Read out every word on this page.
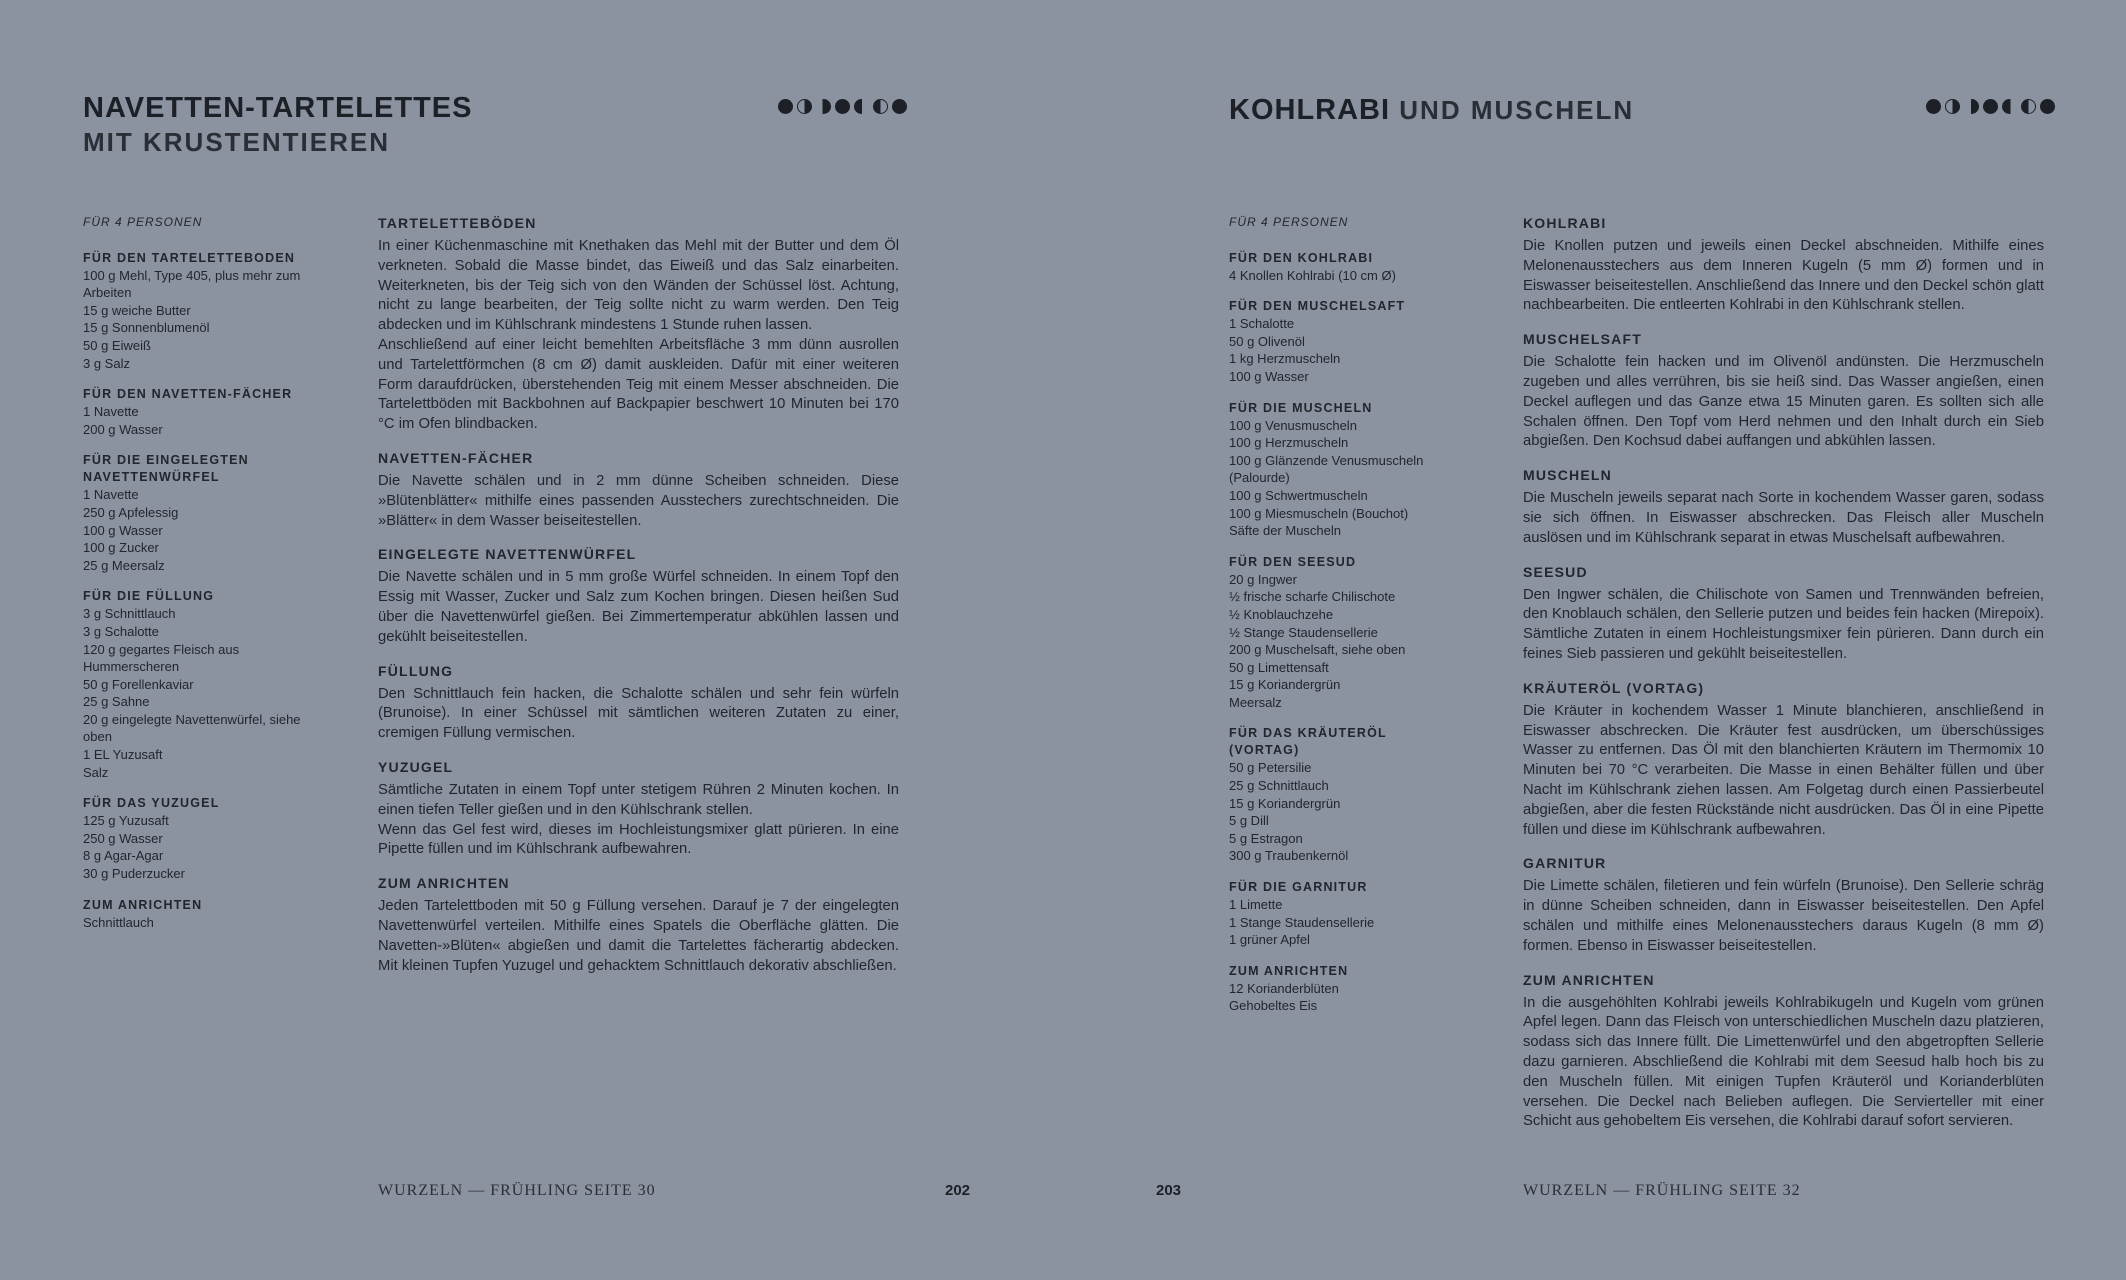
NAVETTEN-TARTELETTES
MIT KRUSTENTIEREN
FÜR 4 PERSONEN
FÜR DEN TARTELETTEBODEN
100 g Mehl, Type 405, plus mehr zum Arbeiten
15 g weiche Butter
15 g Sonnenblumenöl
50 g Eiweiß
3 g Salz
FÜR DEN NAVETTEN-FÄCHER
1 Navette
200 g Wasser
FÜR DIE EINGELEGTEN NAVETTENWÜRFEL
1 Navette
250 g Apfelessig
100 g Wasser
100 g Zucker
25 g Meersalz
FÜR DIE FÜLLUNG
3 g Schnittlauch
3 g Schalotte
120 g gegartes Fleisch aus Hummerscheren
50 g Forellenkaviar
25 g Sahne
20 g eingelegte Navettenwürfel, siehe oben
1 EL Yuzusaft
Salz
FÜR DAS YUZUGEL
125 g Yuzusaft
250 g Wasser
8 g Agar-Agar
30 g Puderzucker
ZUM ANRICHTEN
Schnittlauch
TARTELETTEBÖDEN
In einer Küchenmaschine mit Knethaken das Mehl mit der Butter und dem Öl verkneten. Sobald die Masse bindet, das Eiweiß und das Salz einarbeiten. Weiterkneten, bis der Teig sich von den Wänden der Schüssel löst. Achtung, nicht zu lange bearbeiten, der Teig sollte nicht zu warm werden. Den Teig abdecken und im Kühlschrank mindestens 1 Stunde ruhen lassen.
Anschließend auf einer leicht bemehlten Arbeitsfläche 3 mm dünn ausrollen und Tartelettförmchen (8 cm Ø) damit auskleiden. Dafür mit einer weiteren Form daraufdrücken, überstehenden Teig mit einem Messer abschneiden. Die Tartelettböden mit Backbohnen auf Backpapier beschwert 10 Minuten bei 170 °C im Ofen blindbacken.
NAVETTEN-FÄCHER
Die Navette schälen und in 2 mm dünne Scheiben schneiden. Diese »Blütenblätter« mithilfe eines passenden Ausstechers zurechtschneiden. Die »Blätter« in dem Wasser beiseitestellen.
EINGELEGTE NAVETTENWÜRFEL
Die Navette schälen und in 5 mm große Würfel schneiden. In einem Topf den Essig mit Wasser, Zucker und Salz zum Kochen bringen. Diesen heißen Sud über die Navettenwürfel gießen. Bei Zimmertemperatur abkühlen lassen und gekühlt beiseitestellen.
FÜLLUNG
Den Schnittlauch fein hacken, die Schalotte schälen und sehr fein würfeln (Brunoise). In einer Schüssel mit sämtlichen weiteren Zutaten zu einer, cremigen Füllung vermischen.
YUZUGEL
Sämtliche Zutaten in einem Topf unter stetigem Rühren 2 Minuten kochen. In einen tiefen Teller gießen und in den Kühlschrank stellen.
Wenn das Gel fest wird, dieses im Hochleistungsmixer glatt pürieren. In eine Pipette füllen und im Kühlschrank aufbewahren.
ZUM ANRICHTEN
Jeden Tartelettboden mit 50 g Füllung versehen. Darauf je 7 der eingelegten Navettenwürfel verteilen. Mithilfe eines Spatels die Oberfläche glätten. Die Navetten-»Blüten« abgießen und damit die Tartelettes fächerartig abdecken. Mit kleinen Tupfen Yuzugel und gehacktem Schnittlauch dekorativ abschließen.
WURZELN — FRÜHLING SEITE 30	202
KOHLRABI UND MUSCHELN
FÜR 4 PERSONEN
FÜR DEN KOHLRABI
4 Knollen Kohlrabi (10 cm Ø)
FÜR DEN MUSCHELSAFT
1 Schalotte
50 g Olivenöl
1 kg Herzmuscheln
100 g Wasser
FÜR DIE MUSCHELN
100 g Venusmuscheln
100 g Herzmuscheln
100 g Glänzende Venusmuscheln (Palourde)
100 g Schwertmuscheln
100 g Miesmuscheln (Bouchot)
Säfte der Muscheln
FÜR DEN SEESUD
20 g Ingwer
½ frische scharfe Chilischote
½ Knoblauchzehe
½ Stange Staudensellerie
200 g Muschelsaft, siehe oben
50 g Limettensaft
15 g Koriandergrün
Meersalz
FÜR DAS KRÄUTERÖL (VORTAG)
50 g Petersilie
25 g Schnittlauch
15 g Koriandergrün
5 g Dill
5 g Estragon
300 g Traubenkernöl
FÜR DIE GARNITUR
1 Limette
1 Stange Staudensellerie
1 grüner Apfel
ZUM ANRICHTEN
12 Korianderblüten
Gehobeltes Eis
KOHLRABI
Die Knollen putzen und jeweils einen Deckel abschneiden. Mithilfe eines Melonenausstechers aus dem Inneren Kugeln (5 mm Ø) formen und in Eiswasser beiseitestellen. Anschließend das Innere und den Deckel schön glatt nachbearbeiten. Die entleerten Kohlrabi in den Kühlschrank stellen.
MUSCHELSAFT
Die Schalotte fein hacken und im Olivenöl andünsten. Die Herzmuscheln zugeben und alles verrühren, bis sie heiß sind. Das Wasser angießen, einen Deckel auflegen und das Ganze etwa 15 Minuten garen. Es sollten sich alle Schalen öffnen. Den Topf vom Herd nehmen und den Inhalt durch ein Sieb abgießen. Den Kochsud dabei auffangen und abkühlen lassen.
MUSCHELN
Die Muscheln jeweils separat nach Sorte in kochendem Wasser garen, sodass sie sich öffnen. In Eiswasser abschrecken. Das Fleisch aller Muscheln auslösen und im Kühlschrank separat in etwas Muschelsaft aufbewahren.
SEESUD
Den Ingwer schälen, die Chilischote von Samen und Trennwänden befreien, den Knoblauch schälen, den Sellerie putzen und beides fein hacken (Mirepoix). Sämtliche Zutaten in einem Hochleistungsmixer fein pürieren. Dann durch ein feines Sieb passieren und gekühlt beiseitestellen.
KRÄUTERÖL (VORTAG)
Die Kräuter in kochendem Wasser 1 Minute blanchieren, anschließend in Eiswasser abschrecken. Die Kräuter fest ausdrücken, um überschüssiges Wasser zu entfernen. Das Öl mit den blanchierten Kräutern im Thermomix 10 Minuten bei 70 °C verarbeiten. Die Masse in einen Behälter füllen und über Nacht im Kühlschrank ziehen lassen. Am Folgetag durch einen Passierbeutel abgießen, aber die festen Rückstände nicht ausdrücken. Das Öl in eine Pipette füllen und diese im Kühlschrank aufbewahren.
GARNITUR
Die Limette schälen, filetieren und fein würfeln (Brunoise). Den Sellerie schräg in dünne Scheiben schneiden, dann in Eiswasser beiseitestellen. Den Apfel schälen und mithilfe eines Melonenausstechers daraus Kugeln (8 mm Ø) formen. Ebenso in Eiswasser beiseitestellen.
ZUM ANRICHTEN
In die ausgehöhlten Kohlrabi jeweils Kohlrabikugeln und Kugeln vom grünen Apfel legen. Dann das Fleisch von unterschiedlichen Muscheln dazu platzieren, sodass sich das Innere füllt. Die Limettenwürfel und den abgetropften Sellerie dazu garnieren. Abschließend die Kohlrabi mit dem Seesud halb hoch bis zu den Muscheln füllen. Mit einigen Tupfen Kräuteröl und Korianderblüten versehen. Die Deckel nach Belieben auflegen. Die Servierteller mit einer Schicht aus gehobeltem Eis versehen, die Kohlrabi darauf sofort servieren.
WURZELN — FRÜHLING SEITE 32
203
